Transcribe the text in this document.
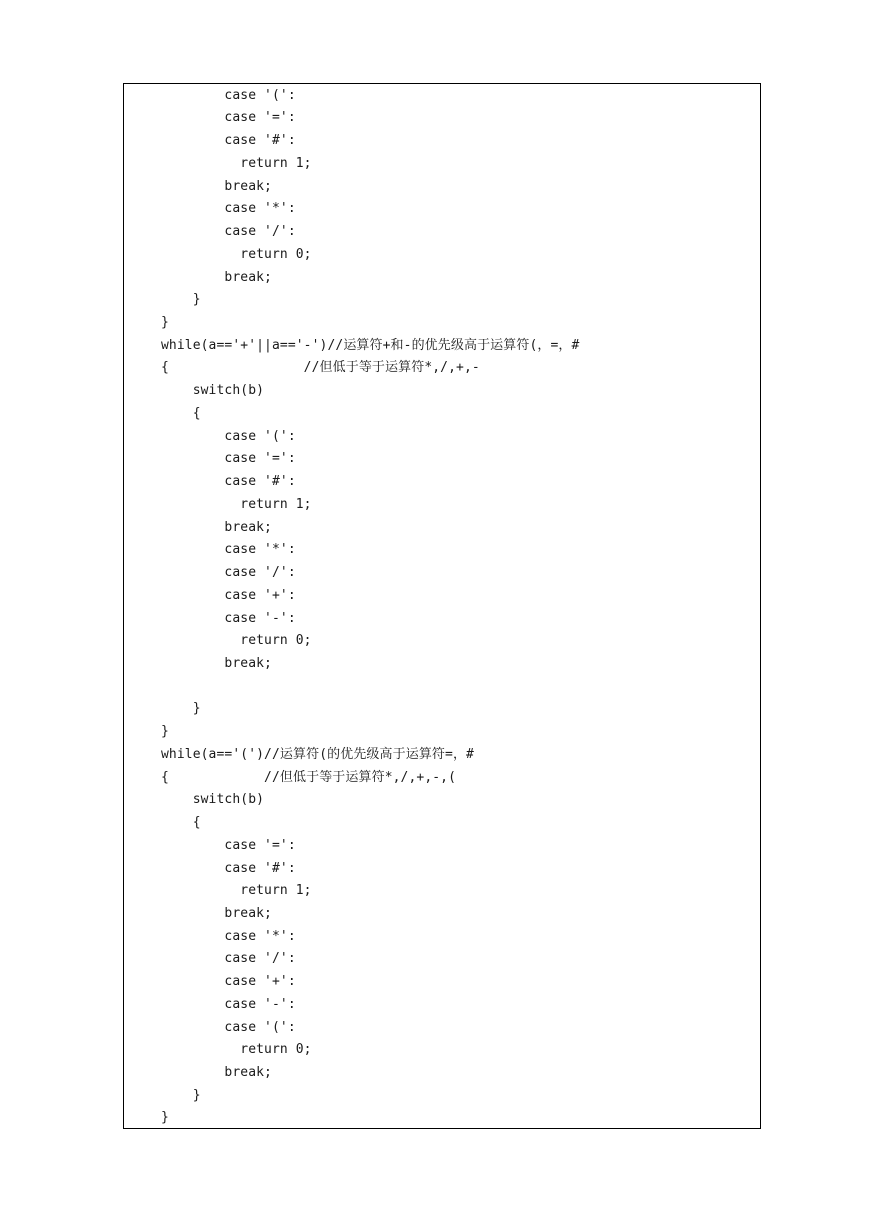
case '(':
case '=':
case '#':
return 1;
break;
case '*':
case '/':
return 0;
break;
}
}
while(a=='+'||a=='-')//运算符+和-的优先级高于运算符(，=，#
{                 //但低于等于运算符*,/,+,-
switch(b)
{
case '(':
case '=':
case '#':
return 1;
break;
case '*':
case '/':
case '+':
case '-':
return 0;
break;
}
}
while(a=='(')//运算符(的优先级高于运算符=，#
{            //但低于等于运算符*,/,+,-,(
switch(b)
{
case '=':
case '#':
return 1;
break;
case '*':
case '/':
case '+':
case '-':
case '(':
return 0;
break;
}
}
